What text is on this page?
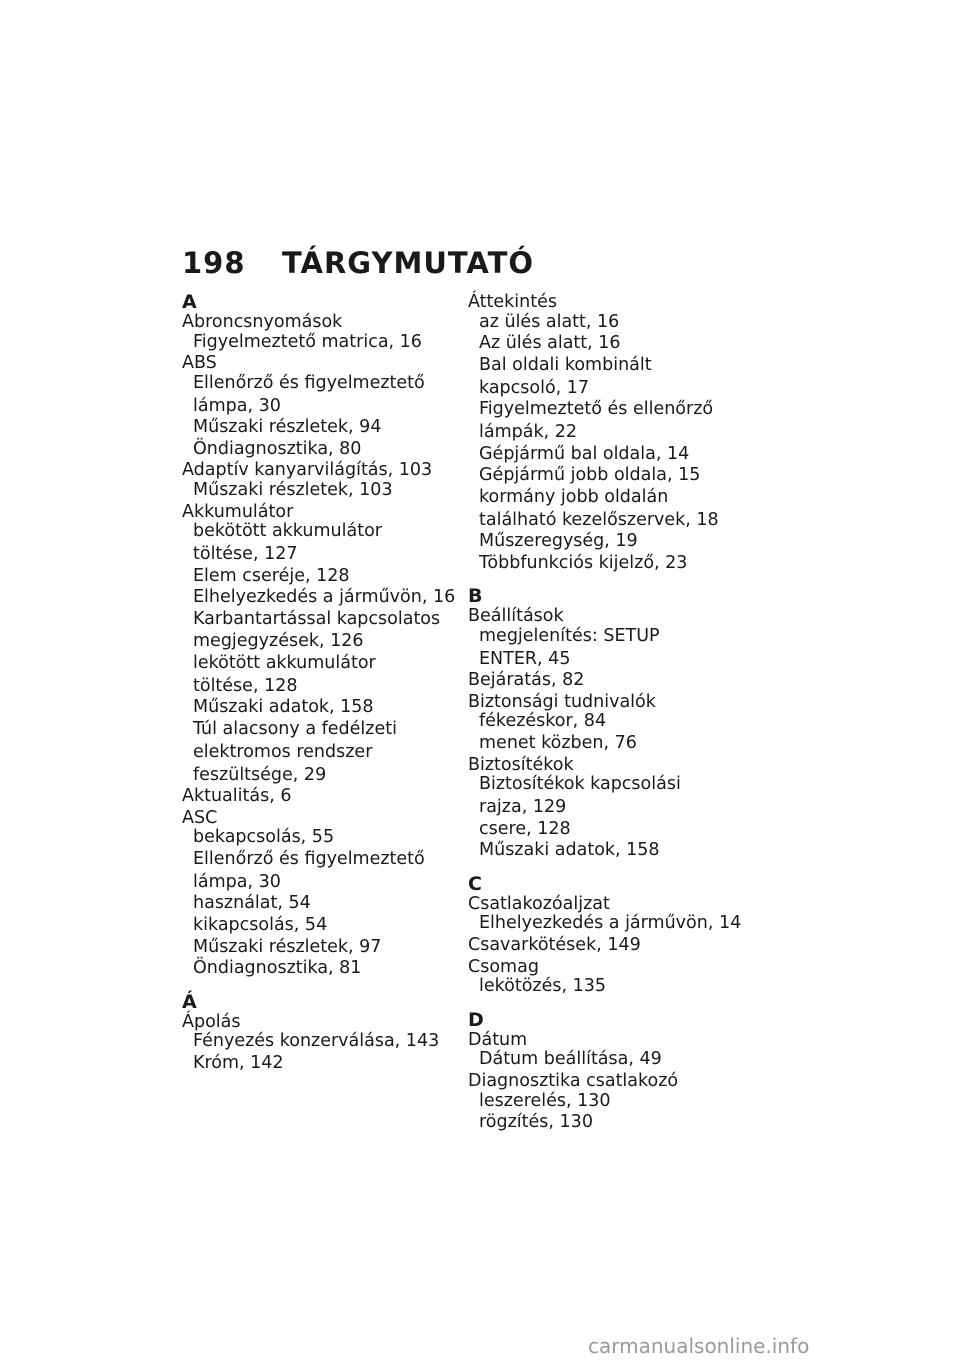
198 TÁRGYMUTATÓ
A
Abroncsnyomások
Figyelmeztető matrica, 16
ABS
Ellenőrző és figyelmeztető
lámpa, 30
Műszaki részletek, 94
Öndiagnosztika, 80
Adaptív kanyarvilágítás, 103
Műszaki részletek, 103
Akkumulátor
bekötött akkumulátor
töltése, 127
Elem cseréje, 128
Elhelyezkedés a járművön, 16
Karbantartással kapcsolatos
megjegyzések, 126
lekötött akkumulátor
töltése, 128
Műszaki adatok, 158
Túl alacsony a fedélzeti
elektromos rendszer
feszültsége, 29
Aktualitás, 6
ASC
bekapcsolás, 55
Ellenőrző és figyelmeztető
lámpa, 30
használat, 54
kikapcsolás, 54
Műszaki részletek, 97
Öndiagnosztika, 81
Á
Ápolás
Fényezés konzerválása, 143
Króm, 142
Áttekintés
az ülés alatt, 16
Az ülés alatt, 16
Bal oldali kombinált
kapcsoló, 17
Figyelmeztető és ellenőrző
lámpák, 22
Gépjármű bal oldala, 14
Gépjármű jobb oldala, 15
kormány jobb oldalán
található kezelőszervek, 18
Műszeregység, 19
Többfunkciós kijelző, 23
B
Beállítások
megjelenítés: SETUP
ENTER, 45
Bejáratás, 82
Biztonsági tudnivalók
fékezéskor, 84
menet közben, 76
Biztosítékok
Biztosítékok kapcsolási
rajza, 129
csere, 128
Műszaki adatok, 158
C
Csatlakozóaljzat
Elhelyezkedés a járművön, 14
Csavarkötések, 149
Csomag
lekötözés, 135
D
Dátum
Dátum beállítása, 49
Diagnosztika csatlakozó
leszerelés, 130
rögzítés, 130
carmanualsonline.info
